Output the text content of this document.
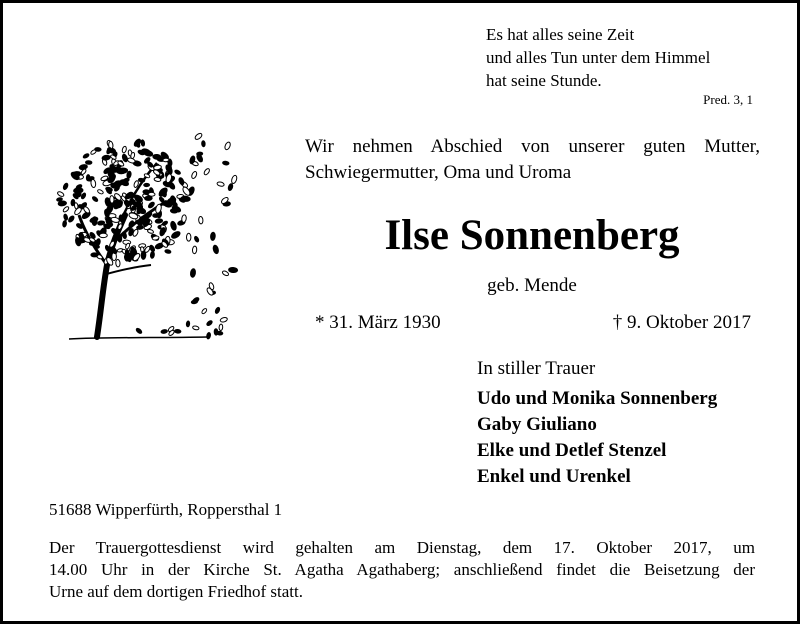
Es hat alles seine Zeit
und alles Tun unter dem Himmel
hat seine Stunde.
Pred. 3, 1
Wir nehmen Abschied von unserer guten Mutter,
Schwiegermutter, Oma und Uroma
Ilse Sonnenberg
geb. Mende
* 31. März 1930	† 9. Oktober 2017
In stiller Trauer
Udo und Monika Sonnenberg
Gaby Giuliano
Elke und Detlef Stenzel
Enkel und Urenkel
51688 Wipperfürth, Roppersthal 1
Der Trauergottesdienst wird gehalten am Dienstag, dem 17. Oktober 2017, um
14.00 Uhr in der Kirche St. Agatha Agathaberg; anschließend findet die Beisetzung der
Urne auf dem dortigen Friedhof statt.
